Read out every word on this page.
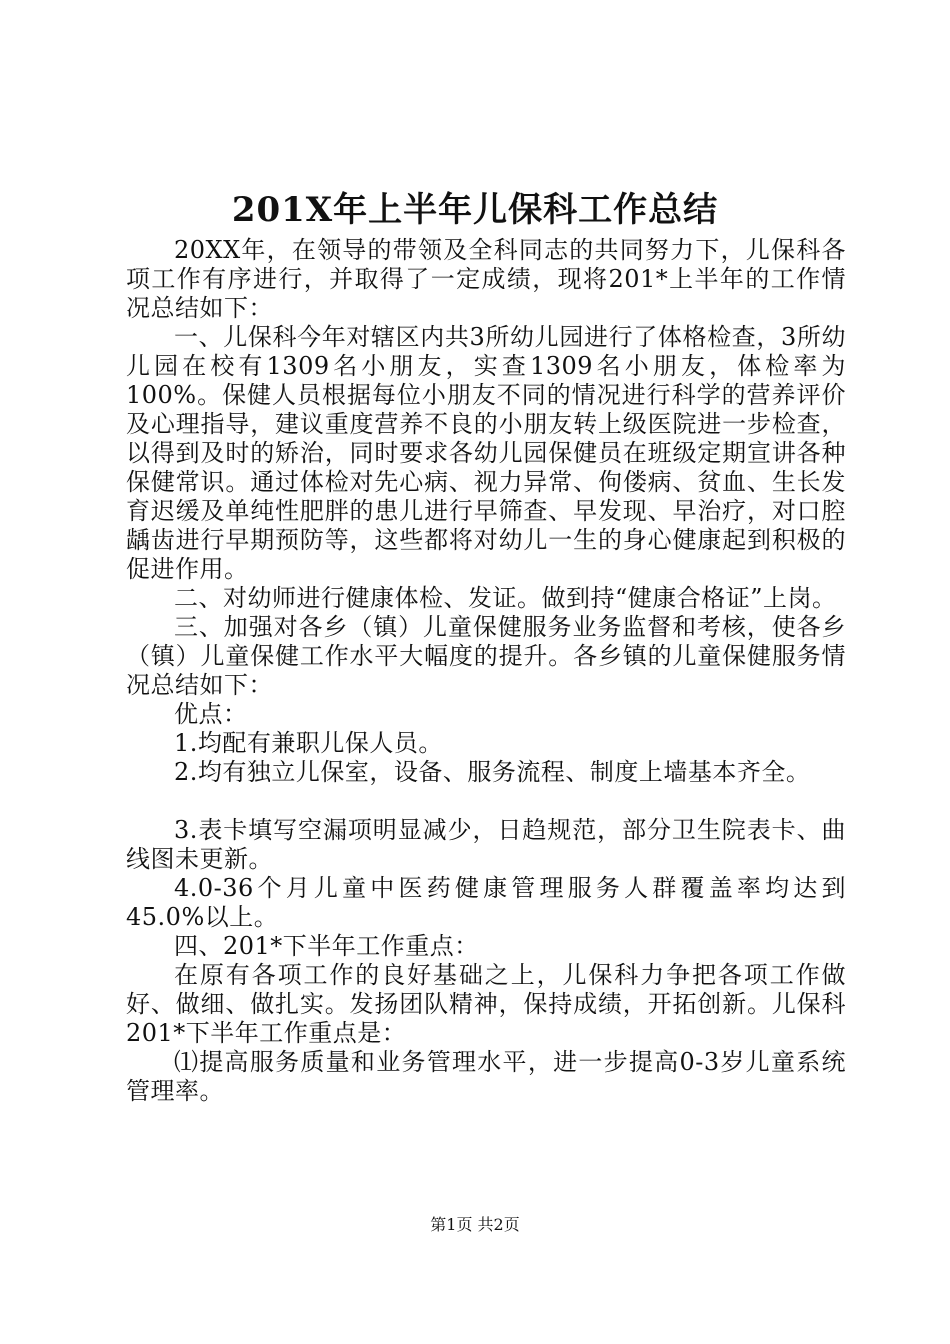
201X年上半年儿保科工作总结

20XX年，在领导的带领及全科同志的共同努力下，儿保科各项工作有序进行，并取得了一定成绩，现将201*上半年的工作情况总结如下：

一、儿保科今年对辖区内共3所幼儿园进行了体格检查，3所幼儿园在校有1309名小朋友，实查1309名小朋友，体检率为100%。保健人员根据每位小朋友不同的情况进行科学的营养评价及心理指导，建议重度营养不良的小朋友转上级医院进一步检查，以得到及时的矫治，同时要求各幼儿园保健员在班级定期宣讲各种保健常识。通过体检对先心病、视力异常、佝偻病、贫血、生长发育迟缓及单纯性肥胖的患儿进行早筛查、早发现、早治疗，对口腔龋齿进行早期预防等，这些都将对幼儿一生的身心健康起到积极的促进作用。

二、对幼师进行健康体检、发证。做到持“健康合格证”上岗。

三、加强对各乡（镇）儿童保健服务业务监督和考核，使各乡（镇）儿童保健工作水平大幅度的提升。各乡镇的儿童保健服务情况总结如下：

优点：

1.均配有兼职儿保人员。

2.均有独立儿保室，设备、服务流程、制度上墙基本齐全。

3.表卡填写空漏项明显减少，日趋规范，部分卫生院表卡、曲线图未更新。

4.0-36个月儿童中医药健康管理服务人群覆盖率均达到45.0%以上。

四、201*下半年工作重点：

在原有各项工作的良好基础之上，儿保科力争把各项工作做好、做细、做扎实。发扬团队精神，保持成绩，开拓创新。儿保科201*下半年工作重点是：

⑴提高服务质量和业务管理水平，进一步提高0-3岁儿童系统管理率。

第1页 共2页
